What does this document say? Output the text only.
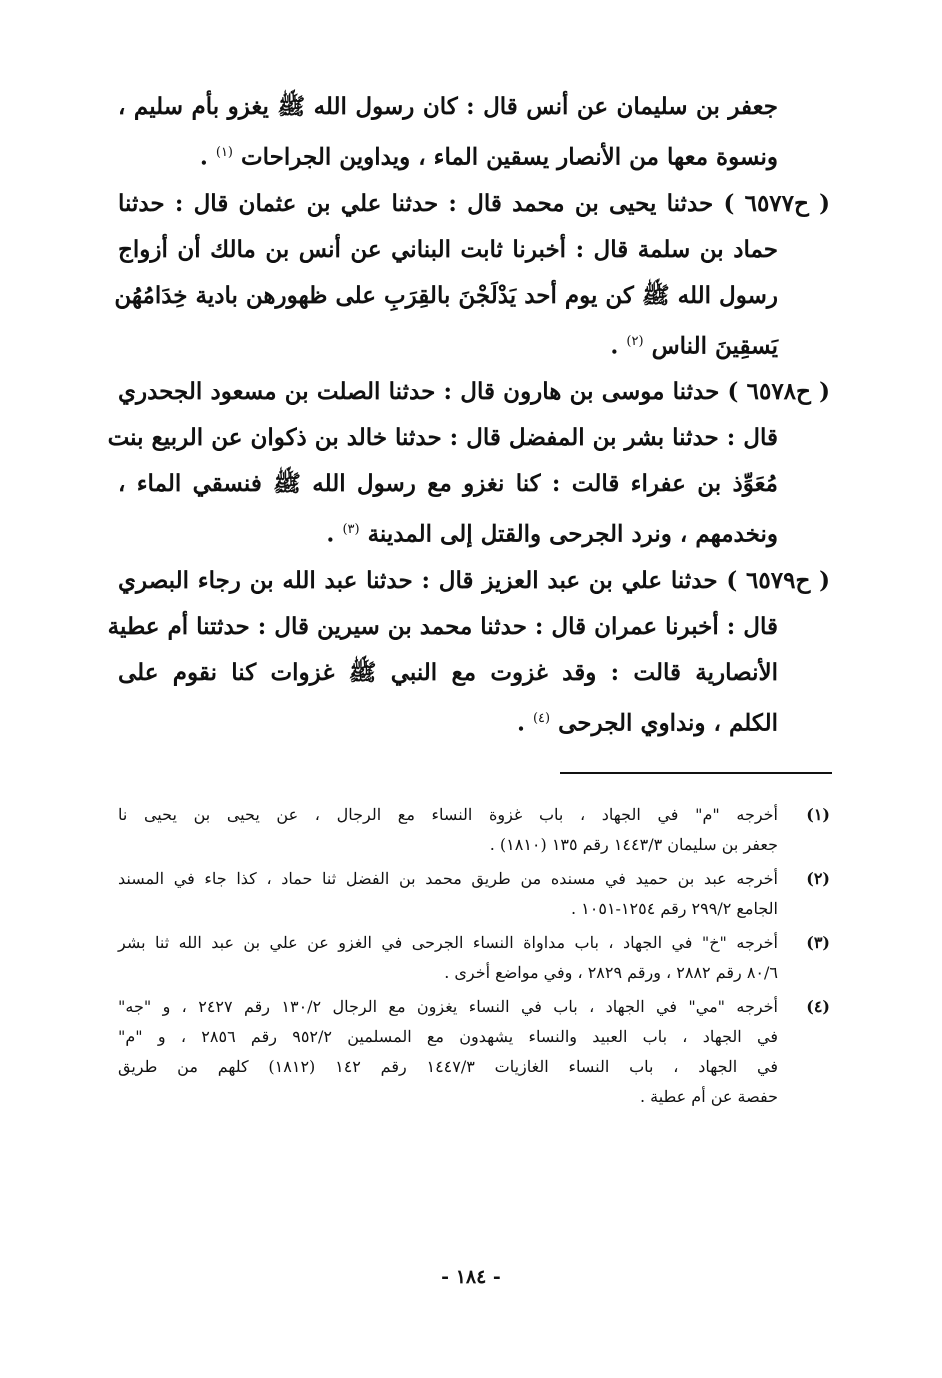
جعفر بن سليمان عن أنس قال : كان رسول الله ﷺ يغزو بأم سليم ،
ونسوة معها من الأنصار يسقين الماء ، ويداوين الجراحات $^{(١)}$ .
( ح٦٥٧٧ ) حدثنا يحيى بن محمد قال : حدثنا علي بن عثمان قال : حدثنا
حماد بن سلمة قال : أخبرنا ثابت البناني عن أنس بن مالك أن أزواج
رسول الله ﷺ كن يوم أحد يَدْلَجْنَ بالقِرَبِ على ظهورهن بادية خِدَامُهُن
يَسقِينَ الناس $^{(٢)}$ .
( ح٦٥٧٨ ) حدثنا موسى بن هارون قال : حدثنا الصلت بن مسعود الجحدري
قال : حدثنا بشر بن المفضل قال : حدثنا خالد بن ذكوان عن الربيع بنت
مُعَوِّذ بن عفراء قالت : كنا نغزو مع رسول الله ﷺ فنسقي الماء ،
ونخدمهم ، ونرد الجرحى والقتل إلى المدينة $^{(٣)}$ .
( ح٦٥٧٩ ) حدثنا علي بن عبد العزيز قال : حدثنا عبد الله بن رجاء البصري
قال : أخبرنا عمران قال : حدثنا محمد بن سيرين قال : حدثتنا أم عطية
الأنصارية قالت : وقد غزوت مع النبي ﷺ غزوات كنا نقوم على
الكلم ، ونداوي الجرحى $^{(٤)}$ .
(١)
أخرجه "م" في الجهاد ، باب غزوة النساء مع الرجال ، عن يحيى بن يحيى نا
جعفر بن سليمان ١٤٤٣/٣ رقم ١٣٥ (١٨١٠) .
(٢)
أخرجه عبد بن حميد في مسنده من طريق محمد بن الفضل ثنا حماد ، كذا جاء في المسند
الجامع ٢٩٩/٢ رقم ١٢٥٤-١٠٥١ .
(٣)
أخرجه "خ" في الجهاد ، باب مداواة النساء الجرحى في الغزو عن علي بن عبد الله ثنا بشر
٨٠/٦ رقم ٢٨٨٢ ، ورقم ٢٨٢٩ ، وفي مواضع أخرى .
(٤)
أخرجه "مي" في الجهاد ، باب في النساء يغزون مع الرجال ١٣٠/٢ رقم ٢٤٢٧ ، و "جه"
في الجهاد ، باب العبيد والنساء يشهدون مع المسلمين ٩٥٢/٢ رقم ٢٨٥٦ ، و "م"
في الجهاد ، باب النساء الغازيات ١٤٤٧/٣ رقم ١٤٢ (١٨١٢) كلهم من طريق
حفصة عن أم عطية .
- ١٨٤ -
